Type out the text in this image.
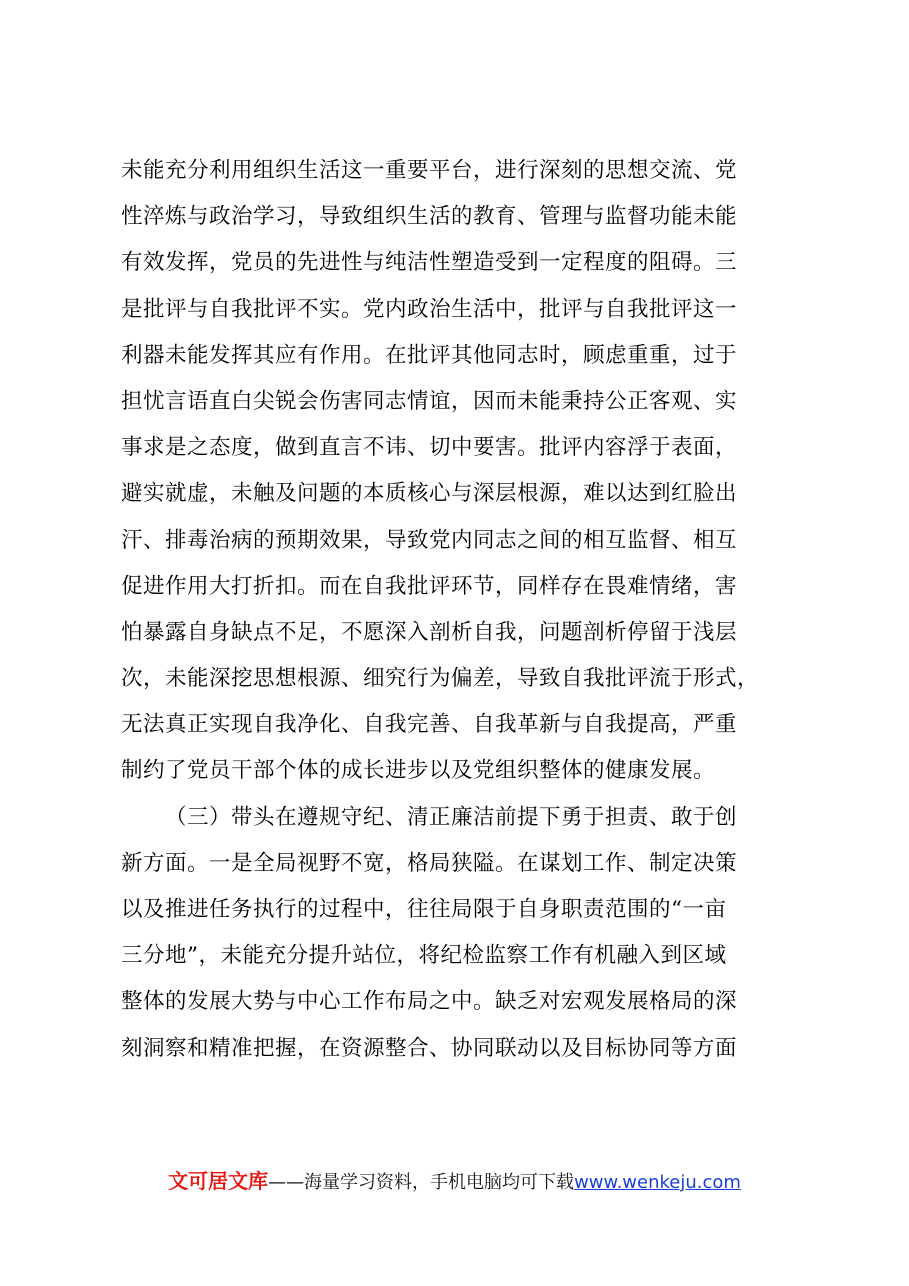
未能充分利用组织生活这一重要平台，进行深刻的思想交流、党
性淬炼与政治学习，导致组织生活的教育、管理与监督功能未能
有效发挥，党员的先进性与纯洁性塑造受到一定程度的阻碍。三
是批评与自我批评不实。党内政治生活中，批评与自我批评这一
利器未能发挥其应有作用。在批评其他同志时，顾虑重重，过于
担忧言语直白尖锐会伤害同志情谊，因而未能秉持公正客观、实
事求是之态度，做到直言不讳、切中要害。批评内容浮于表面，
避实就虚，未触及问题的本质核心与深层根源，难以达到红脸出
汗、排毒治病的预期效果，导致党内同志之间的相互监督、相互
促进作用大打折扣。而在自我批评环节，同样存在畏难情绪，害
怕暴露自身缺点不足，不愿深入剖析自我，问题剖析停留于浅层
次，未能深挖思想根源、细究行为偏差，导致自我批评流于形式，
无法真正实现自我净化、自我完善、自我革新与自我提高，严重
制约了党员干部个体的成长进步以及党组织整体的健康发展。
（三）带头在遵规守纪、清正廉洁前提下勇于担责、敢于创
新方面。一是全局视野不宽，格局狭隘。在谋划工作、制定决策
以及推进任务执行的过程中，往往局限于自身职责范围的“一亩
三分地”，未能充分提升站位，将纪检监察工作有机融入到区域
整体的发展大势与中心工作布局之中。缺乏对宏观发展格局的深
刻洞察和精准把握，在资源整合、协同联动以及目标协同等方面
文可居文库——海量学习资料，手机电脑均可下载www.wenkeju.com
